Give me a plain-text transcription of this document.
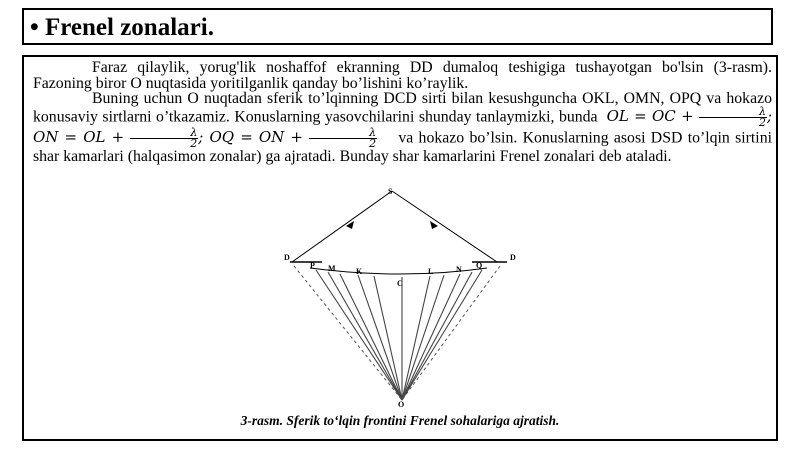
• Frenel zonalari.

Faraz qilaylik, yorug'lik noshaffof ekranning DD dumaloq teshigiga tushayotgan bo'lsin (3-rasm). Fazoning biror O nuqtasida yoritilganlik qanday bo’lishini ko’raylik.

Buning uchun O nuqtadan sferik to’lqinning DCD sirti bilan kesushguncha OKL, OMN, OPQ va hokazo konusaviy sirtlarni o’tkazamiz. Konuslarning yasovchilarini shunday tanlaymizki, bunda OL = OC + $\frac{\lambda}{2}$ ; ON = OL + $\frac{\lambda}{2}$ ; OQ = ON + $\frac{\lambda}{2}$ va hokazo bo’lsin. Konuslarning asosi DSD to’lqin sirtini shar kamarlari (halqasimon zonalar) ga ajratadi. Bunday shar kamarlarini Frenel zonalari deb ataladi.

S
O
D	D
C
P M	K	L	N Q
3-rasm. Sferik to‘lqin frontini Frenel sohalariga ajratish.
